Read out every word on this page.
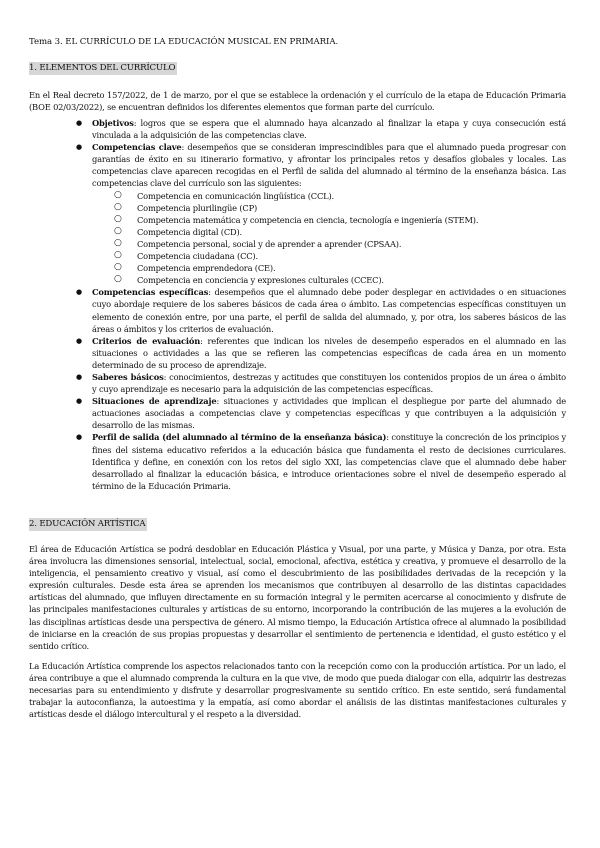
Tema 3. EL CURRÍCULO DE LA EDUCACIÓN MUSICAL EN PRIMARIA.
1. ELEMENTOS DEL CURRÍCULO

En el Real decreto 157/2022, de 1 de marzo, por el que se establece la ordenación y el currículo de la etapa de Educación Primaria (BOE 02/03/2022), se encuentran definidos los diferentes elementos que forman parte del currículo.

● Objetivos: logros que se espera que el alumnado haya alcanzado al finalizar la etapa y cuya consecución está vinculada a la adquisición de las competencias clave.
● Competencias clave: desempeños que se consideran imprescindibles para que el alumnado pueda progresar con garantías de éxito en su itinerario formativo, y afrontar los principales retos y desafíos globales y locales. Las competencias clave aparecen recogidas en el Perfil de salida del alumnado al término de la enseñanza básica. Las competencias clave del currículo son las siguientes:
○ Competencia en comunicación lingüística (CCL).
○ Competencia plurilingüe (CP)
○ Competencia matemática y competencia en ciencia, tecnología e ingeniería (STEM).
○ Competencia digital (CD).
○ Competencia personal, social y de aprender a aprender (CPSAA).
○ Competencia ciudadana (CC).
○ Competencia emprendedora (CE).
○ Competencia en conciencia y expresiones culturales (CCEC).
● Competencias específicas: desempeños que el alumnado debe poder desplegar en actividades o en situaciones cuyo abordaje requiere de los saberes básicos de cada área o ámbito. Las competencias específicas constituyen un elemento de conexión entre, por una parte, el perfil de salida del alumnado, y, por otra, los saberes básicos de las áreas o ámbitos y los criterios de evaluación.
● Criterios de evaluación: referentes que indican los niveles de desempeño esperados en el alumnado en las situaciones o actividades a las que se refieren las competencias específicas de cada área en un momento determinado de su proceso de aprendizaje.
● Saberes básicos: conocimientos, destrezas y actitudes que constituyen los contenidos propios de un área o ámbito y cuyo aprendizaje es necesario para la adquisición de las competencias específicas.
● Situaciones de aprendizaje: situaciones y actividades que implican el despliegue por parte del alumnado de actuaciones asociadas a competencias clave y competencias específicas y que contribuyen a la adquisición y desarrollo de las mismas.
● Perfil de salida (del alumnado al término de la enseñanza básica): constituye la concreción de los principios y fines del sistema educativo referidos a la educación básica que fundamenta el resto de decisiones curriculares. Identifica y define, en conexión con los retos del siglo XXI, las competencias clave que el alumnado debe haber desarrollado al finalizar la educación básica, e introduce orientaciones sobre el nivel de desempeño esperado al término de la Educación Primaria.
2. EDUCACIÓN ARTÍSTICA

El área de Educación Artística se podrá desdoblar en Educación Plástica y Visual, por una parte, y Música y Danza, por otra. Esta área involucra las dimensiones sensorial, intelectual, social, emocional, afectiva, estética y creativa, y promueve el desarrollo de la inteligencia, el pensamiento creativo y visual, así como el descubrimiento de las posibilidades derivadas de la recepción y la expresión culturales. Desde esta área se aprenden los mecanismos que contribuyen al desarrollo de las distintas capacidades artísticas del alumnado, que influyen directamente en su formación integral y le permiten acercarse al conocimiento y disfrute de las principales manifestaciones culturales y artísticas de su entorno, incorporando la contribución de las mujeres a la evolución de las disciplinas artísticas desde una perspectiva de género. Al mismo tiempo, la Educación Artística ofrece al alumnado la posibilidad de iniciarse en la creación de sus propias propuestas y desarrollar el sentimiento de pertenencia e identidad, el gusto estético y el sentido crítico.

La Educación Artística comprende los aspectos relacionados tanto con la recepción como con la producción artística. Por un lado, el área contribuye a que el alumnado comprenda la cultura en la que vive, de modo que pueda dialogar con ella, adquirir las destrezas necesarias para su entendimiento y disfrute y desarrollar progresivamente su sentido crítico. En este sentido, será fundamental trabajar la autoconfianza, la autoestima y la empatía, así como abordar el análisis de las distintas manifestaciones culturales y artísticas desde el diálogo intercultural y el respeto a la diversidad.
